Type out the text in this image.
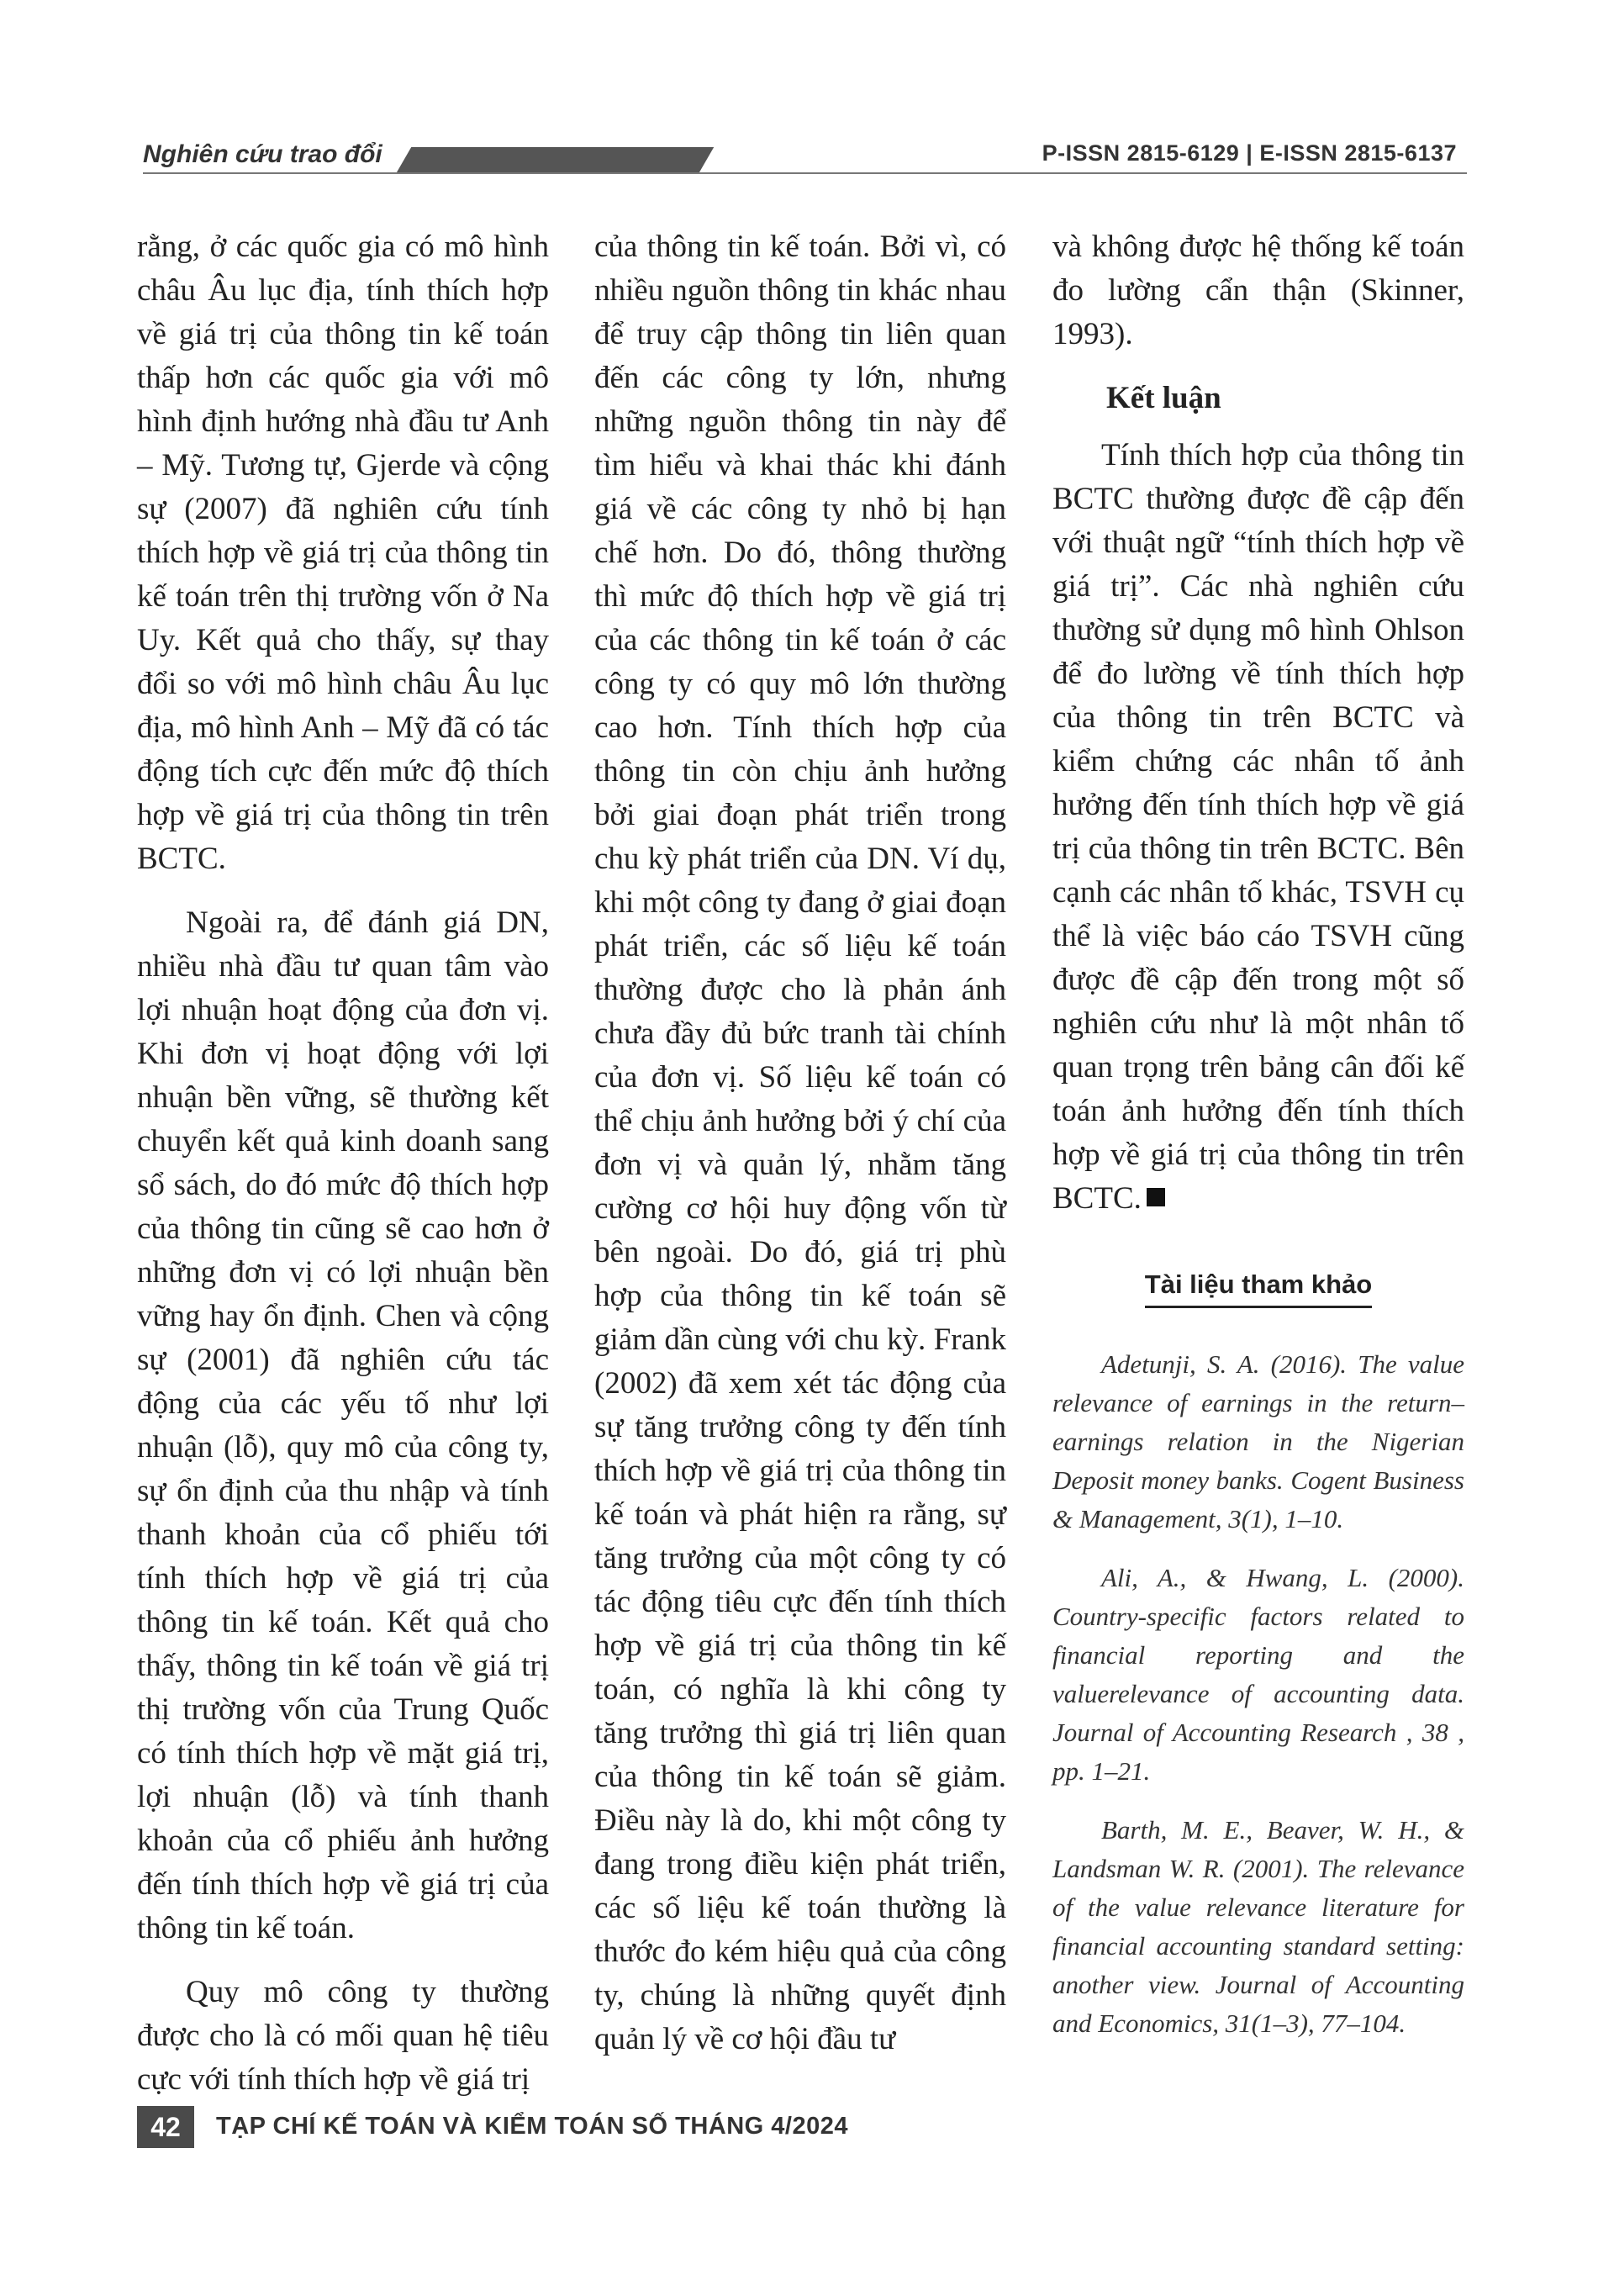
Nghiên cứu trao đổi	P-ISSN 2815-6129 | E-ISSN 2815-6137

rằng, ở các quốc gia có mô hình châu Âu lục địa, tính thích hợp về giá trị của thông tin kế toán thấp hơn các quốc gia với mô hình định hướng nhà đầu tư Anh – Mỹ. Tương tự, Gjerde và cộng sự (2007) đã nghiên cứu tính thích hợp về giá trị của thông tin kế toán trên thị trường vốn ở Na Uy. Kết quả cho thấy, sự thay đổi so với mô hình châu Âu lục địa, mô hình Anh – Mỹ đã có tác động tích cực đến mức độ thích hợp về giá trị của thông tin trên BCTC.

Ngoài ra, để đánh giá DN, nhiều nhà đầu tư quan tâm vào lợi nhuận hoạt động của đơn vị. Khi đơn vị hoạt động với lợi nhuận bền vững, sẽ thường kết chuyển kết quả kinh doanh sang sổ sách, do đó mức độ thích hợp của thông tin cũng sẽ cao hơn ở những đơn vị có lợi nhuận bền vững hay ổn định. Chen và cộng sự (2001) đã nghiên cứu tác động của các yếu tố như lợi nhuận (lỗ), quy mô của công ty, sự ổn định của thu nhập và tính thanh khoản của cổ phiếu tới tính thích hợp về giá trị của thông tin kế toán. Kết quả cho thấy, thông tin kế toán về giá trị thị trường vốn của Trung Quốc có tính thích hợp về mặt giá trị, lợi nhuận (lỗ) và tính thanh khoản của cổ phiếu ảnh hưởng đến tính thích hợp về giá trị của thông tin kế toán.

Quy mô công ty thường được cho là có mối quan hệ tiêu cực với tính thích hợp về giá trị

của thông tin kế toán. Bởi vì, có nhiều nguồn thông tin khác nhau để truy cập thông tin liên quan đến các công ty lớn, nhưng những nguồn thông tin này để tìm hiểu và khai thác khi đánh giá về các công ty nhỏ bị hạn chế hơn. Do đó, thông thường thì mức độ thích hợp về giá trị của các thông tin kế toán ở các công ty có quy mô lớn thường cao hơn. Tính thích hợp của thông tin còn chịu ảnh hưởng bởi giai đoạn phát triển trong chu kỳ phát triển của DN. Ví dụ, khi một công ty đang ở giai đoạn phát triển, các số liệu kế toán thường được cho là phản ánh chưa đầy đủ bức tranh tài chính của đơn vị. Số liệu kế toán có thể chịu ảnh hưởng bởi ý chí của đơn vị và quản lý, nhằm tăng cường cơ hội huy động vốn từ bên ngoài. Do đó, giá trị phù hợp của thông tin kế toán sẽ giảm dần cùng với chu kỳ. Frank (2002) đã xem xét tác động của sự tăng trưởng công ty đến tính thích hợp về giá trị của thông tin kế toán và phát hiện ra rằng, sự tăng trưởng của một công ty có tác động tiêu cực đến tính thích hợp về giá trị của thông tin kế toán, có nghĩa là khi công ty tăng trưởng thì giá trị liên quan của thông tin kế toán sẽ giảm. Điều này là do, khi một công ty đang trong điều kiện phát triển, các số liệu kế toán thường là thước đo kém hiệu quả của công ty, chúng là những quyết định quản lý về cơ hội đầu tư

và không được hệ thống kế toán đo lường cẩn thận (Skinner, 1993).

Kết luận

Tính thích hợp của thông tin BCTC thường được đề cập đến với thuật ngữ “tính thích hợp về giá trị”. Các nhà nghiên cứu thường sử dụng mô hình Ohlson để đo lường về tính thích hợp của thông tin trên BCTC và kiểm chứng các nhân tố ảnh hưởng đến tính thích hợp về giá trị của thông tin trên BCTC. Bên cạnh các nhân tố khác, TSVH cụ thể là việc báo cáo TSVH cũng được đề cập đến trong một số nghiên cứu như là một nhân tố quan trọng trên bảng cân đối kế toán ảnh hưởng đến tính thích hợp về giá trị của thông tin trên BCTC.

Tài liệu tham khảo

Adetunji, S. A. (2016). The value relevance of earnings in the return–earnings relation in the Nigerian Deposit money banks. Cogent Business & Management, 3(1), 1–10.

Ali, A., & Hwang, L. (2000). Country-specific factors related to financial reporting and the valuerelevance of accounting data. Journal of Accounting Research , 38 , pp. 1–21.

Barth, M. E., Beaver, W. H., & Landsman W. R. (2001). The relevance of the value relevance literature for financial accounting standard setting: another view. Journal of Accounting and Economics, 31(1–3), 77–104.

42	TẠP CHÍ KẾ TOÁN VÀ KIỂM TOÁN SỐ THÁNG 4/2024
